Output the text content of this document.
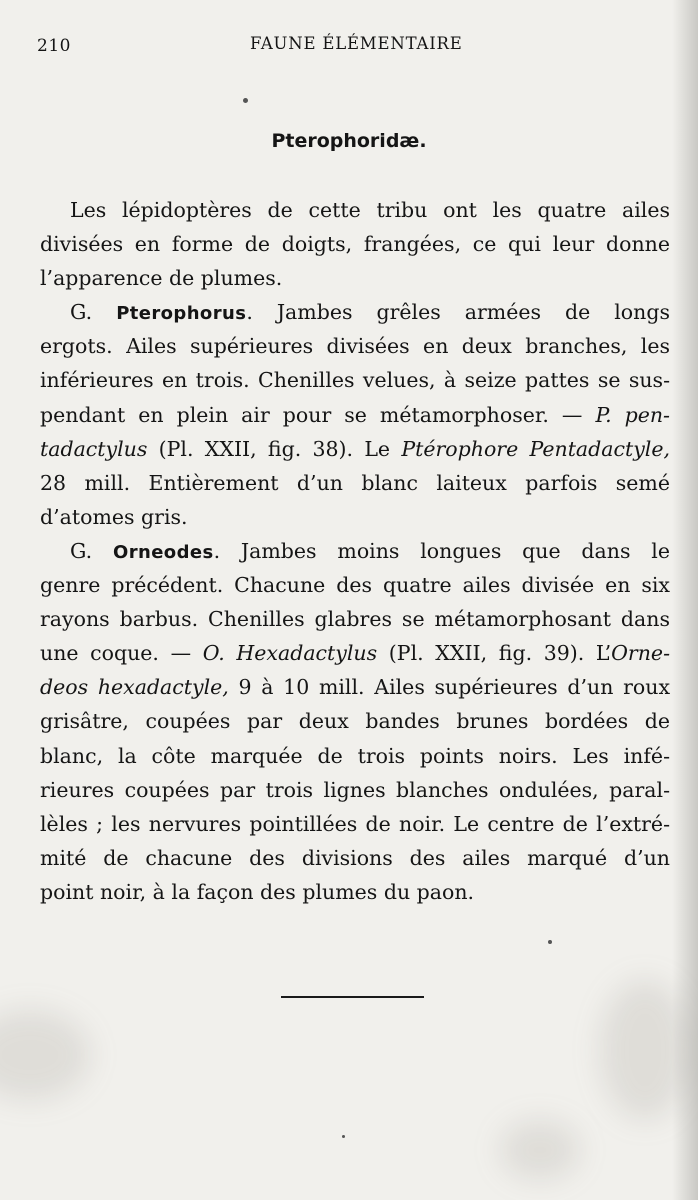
210	FAUNE ÉLÉMENTAIRE
Pterophoridæ.
Les lépidoptères de cette tribu ont les quatre ailes
divisées en forme de doigts, frangées, ce qui leur donne
l’apparence de plumes.
G. Pterophorus. Jambes grêles armées de longs
ergots. Ailes supérieures divisées en deux branches, les
inférieures en trois. Chenilles velues, à seize pattes se sus-
pendant en plein air pour se métamorphoser. — P. pen-
tadactylus (Pl. XXII, fig. 38). Le Ptérophore Pentadactyle,
28 mill. Entièrement d’un blanc laiteux parfois semé
d’atomes gris.
G. Orneodes. Jambes moins longues que dans le
genre précédent. Chacune des quatre ailes divisée en six
rayons barbus. Chenilles glabres se métamorphosant dans
une coque. — O. Hexadactylus (Pl. XXII, fig. 39). L’Orne-
deos hexadactyle, 9 à 10 mill. Ailes supérieures d’un roux
grisâtre, coupées par deux bandes brunes bordées de
blanc, la côte marquée de trois points noirs. Les infé-
rieures coupées par trois lignes blanches ondulées, paral-
lèles ; les nervures pointillées de noir. Le centre de l’extré-
mité de chacune des divisions des ailes marqué d’un
point noir, à la façon des plumes du paon.
